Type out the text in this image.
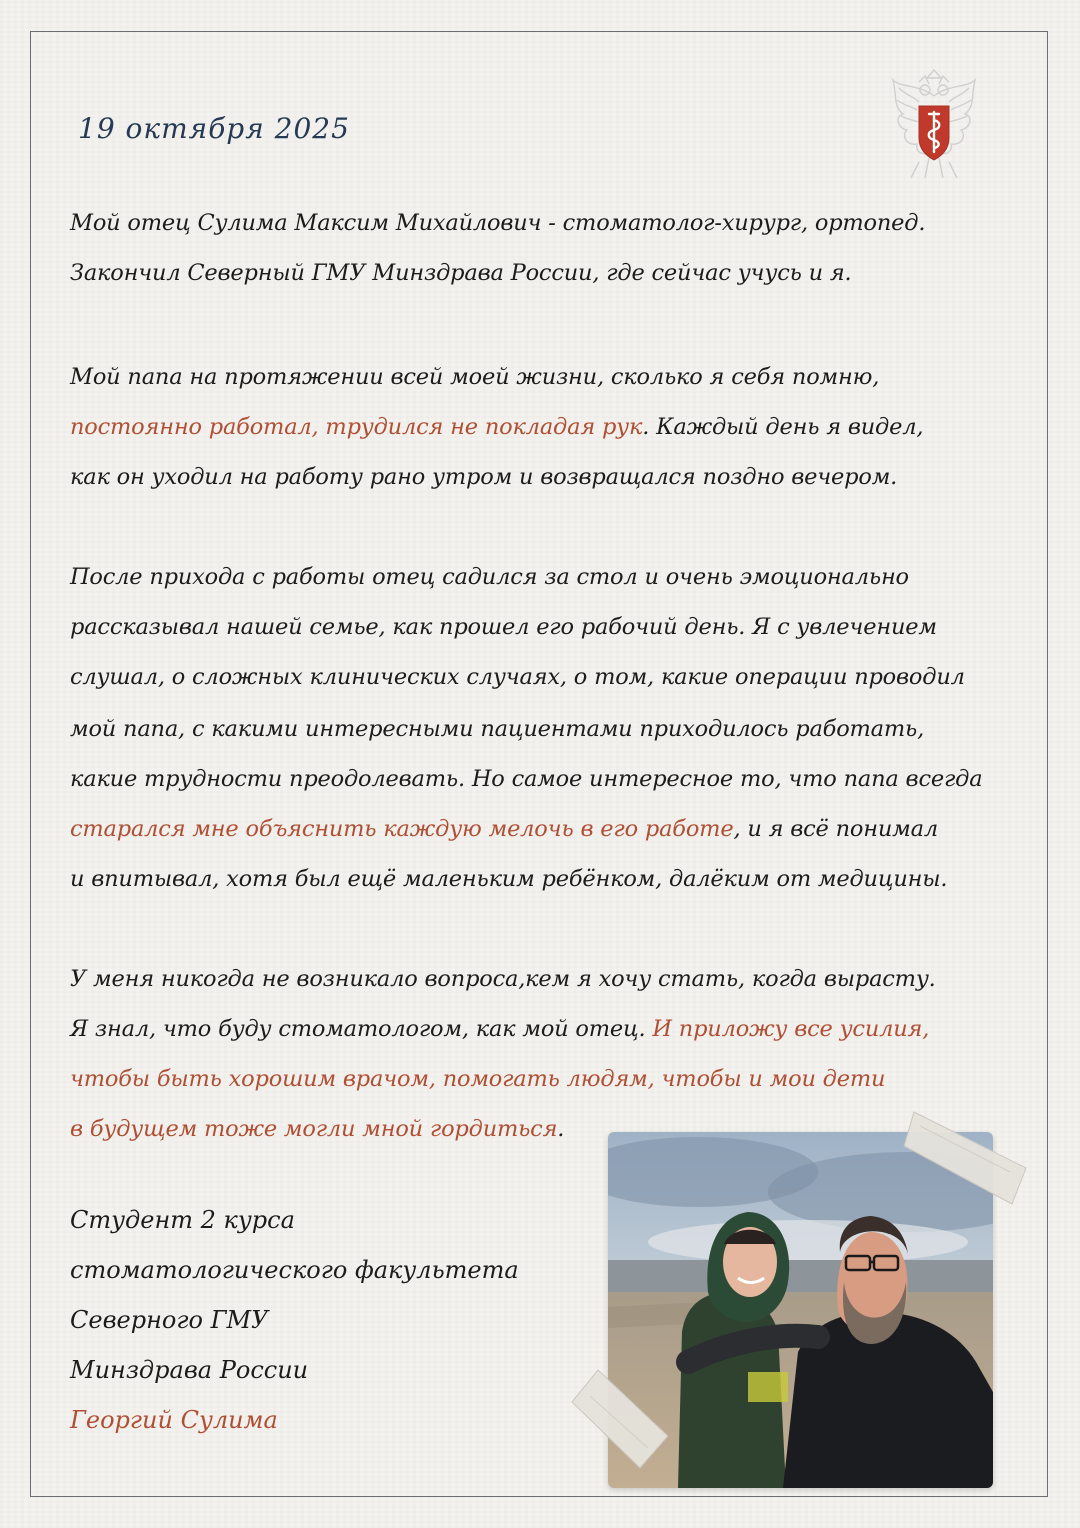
19 октября 2025
Мой отец Сулима Максим Михайлович - стоматолог-хирург, ортопед.
Закончил Северный ГМУ Минздрава России, где сейчас учусь и я.
Мой папа на протяжении всей моей жизни, сколько я себя помню,
постоянно работал, трудился не покладая рук. Каждый день я видел,
как он уходил на работу рано утром и возвращался поздно вечером.
После прихода с работы отец садился за стол и очень эмоционально
рассказывал нашей семье, как прошел его рабочий день. Я с увлечением
слушал, о сложных клинических случаях, о том, какие операции проводил
мой папа, с какими интересными пациентами приходилось работать,
какие трудности преодолевать. Но самое интересное то, что папа всегда
старался мне объяснить каждую мелочь в его работе, и я всё понимал
и впитывал, хотя был ещё маленьким ребёнком, далёким от медицины.
У меня никогда не возникало вопроса,кем я хочу стать, когда вырасту.
Я знал, что буду стоматологом, как мой отец. И приложу все усилия,
чтобы быть хорошим врачом, помогать людям, чтобы и мои дети
в будущем тоже могли мной гордиться.
Студент 2 курса
стоматологического факультета
Северного ГМУ
Минздрава России
Георгий Сулима
